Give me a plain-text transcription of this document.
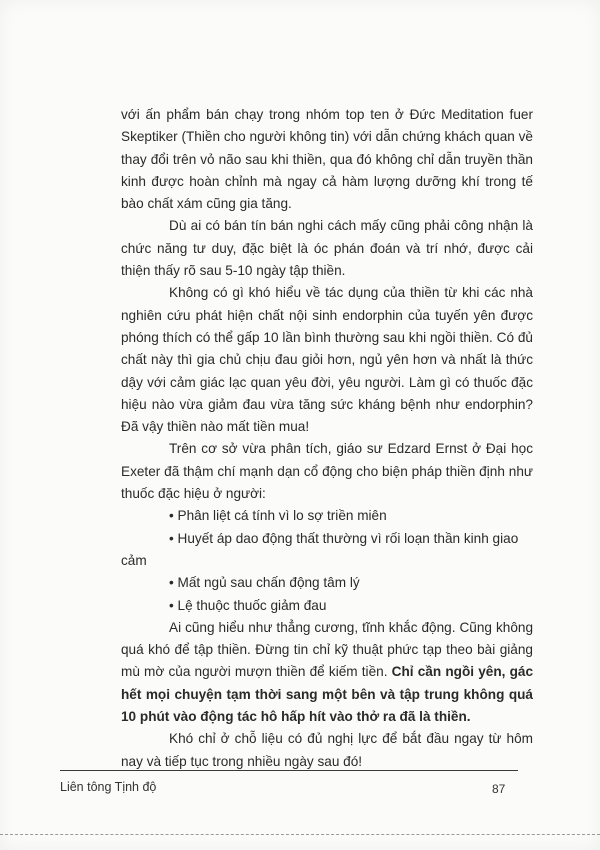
với ấn phẩm bán chạy trong nhóm top ten ở Đức Meditation fuer Skeptiker (Thiền cho người không tin) với dẫn chứng khách quan về thay đổi trên vỏ não sau khi thiền, qua đó không chỉ dẫn truyền thần kinh được hoàn chỉnh mà ngay cả hàm lượng dưỡng khí trong tế bào chất xám cũng gia tăng.

Dù ai có bán tín bán nghi cách mấy cũng phải công nhận là chức năng tư duy, đặc biệt là óc phán đoán và trí nhớ, được cải thiện thấy rõ sau 5-10 ngày tập thiền.

Không có gì khó hiểu về tác dụng của thiền từ khi các nhà nghiên cứu phát hiện chất nội sinh endorphin của tuyến yên được phóng thích có thể gấp 10 lần bình thường sau khi ngồi thiền. Có đủ chất này thì gia chủ chịu đau giỏi hơn, ngủ yên hơn và nhất là thức dậy với cảm giác lạc quan yêu đời, yêu người. Làm gì có thuốc đặc hiệu nào vừa giảm đau vừa tăng sức kháng bệnh như endorphin? Đã vậy thiền nào mất tiền mua!

Trên cơ sở vừa phân tích, giáo sư Edzard Ernst ở Đại học Exeter đã thậm chí mạnh dạn cổ động cho biện pháp thiền định như thuốc đặc hiệu ở người:

• Phân liệt cá tính vì lo sợ triền miên

• Huyết áp dao động thất thường vì rối loạn thần kinh giao

cảm

• Mất ngủ sau chấn động tâm lý

• Lệ thuộc thuốc giảm đau

Ai cũng hiểu như thẳng cương, tĩnh khắc động. Cũng không quá khó để tập thiền. Đừng tin chỉ kỹ thuật phức tạp theo bài giảng mù mờ của người mượn thiền để kiếm tiền. Chỉ cần ngồi yên, gác hết mọi chuyện tạm thời sang một bên và tập trung không quá 10 phút vào động tác hô hấp hít vào thở ra đã là thiền.

Khó chỉ ở chỗ liệu có đủ nghị lực để bắt đầu ngay từ hôm nay và tiếp tục trong nhiều ngày sau đó!

Liên tông Tịnh độ	87
